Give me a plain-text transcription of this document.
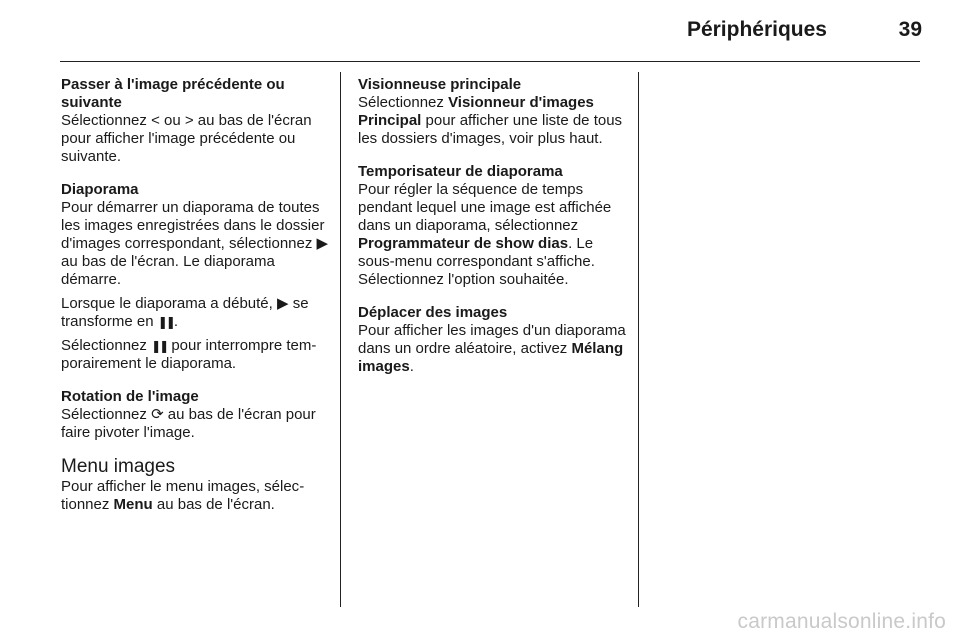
Périphériques	39
Passer à l'image précédente ou suivante
Sélectionnez < ou > au bas de l'écran pour afficher l'image précédente ou suivante.
Diaporama
Pour démarrer un diaporama de toutes les images enregistrées dans le dossier d'images correspondant, sélectionnez ▶ au bas de l'écran. Le diaporama démarre.
Lorsque le diaporama a débuté, ▶ se transforme en ❚❚.
Sélectionnez ❚❚ pour interrompre temporairement le diaporama.
Rotation de l'image
Sélectionnez ⟳ au bas de l'écran pour faire pivoter l'image.
Menu images
Pour afficher le menu images, sélectionnez Menu au bas de l'écran.
Visionneuse principale
Sélectionnez Visionneur d'images Principal pour afficher une liste de tous les dossiers d'images, voir plus haut.
Temporisateur de diaporama
Pour régler la séquence de temps pendant lequel une image est affichée dans un diaporama, sélectionnez Programmateur de show dias. Le sous-menu correspondant s'affiche. Sélectionnez l'option souhaitée.
Déplacer des images
Pour afficher les images d'un diaporama dans un ordre aléatoire, activez Mélang images.
carmanualsonline.info
